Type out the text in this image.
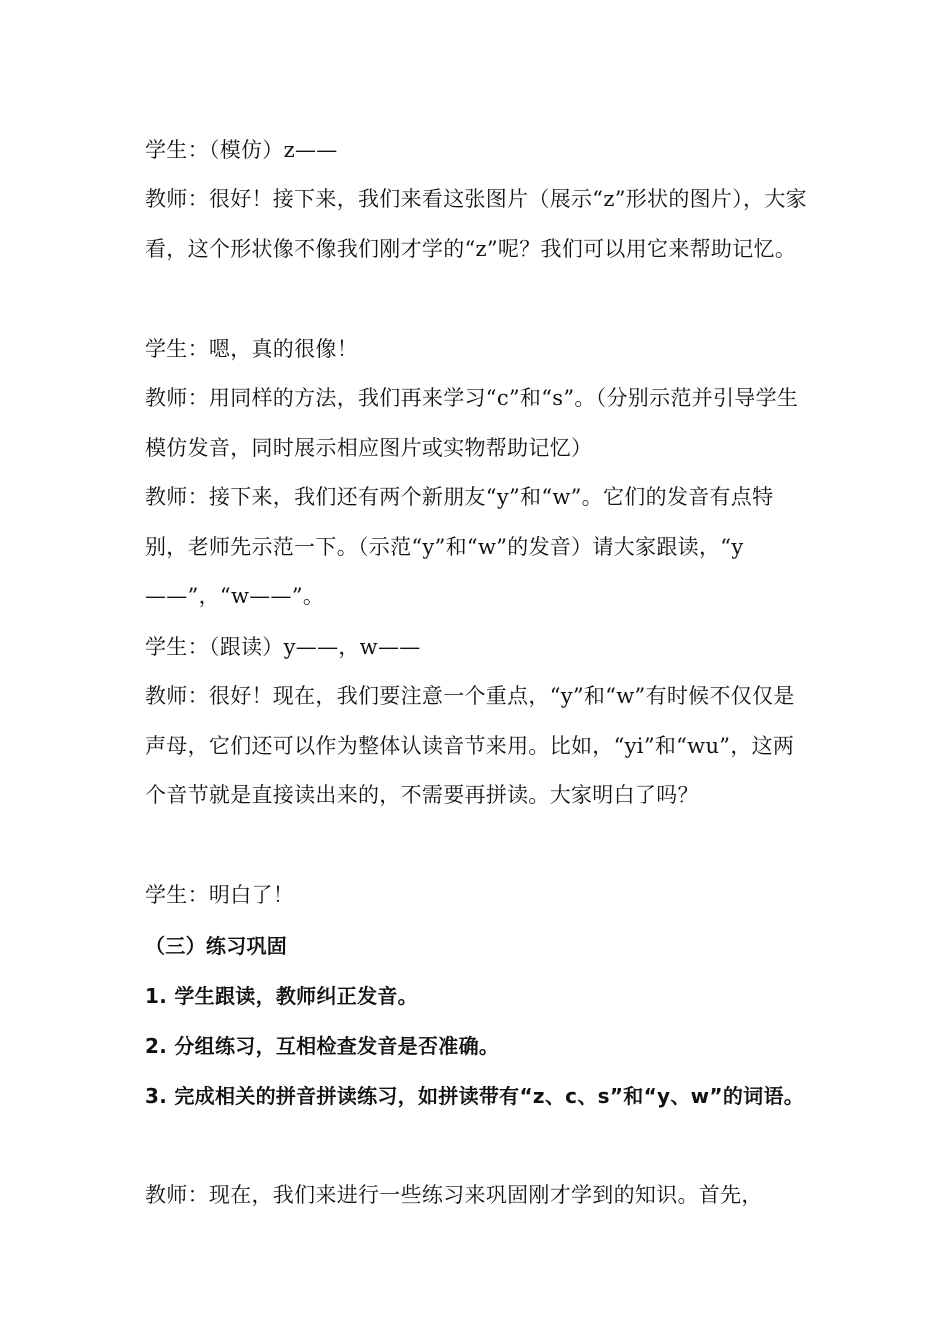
学生：（模仿）z——

教师：很好！接下来，我们来看这张图片（展示“z”形状的图片），大家看，这个形状像不像我们刚才学的“z”呢？我们可以用它来帮助记忆。

学生：嗯，真的很像！

教师：用同样的方法，我们再来学习“c”和“s”。（分别示范并引导学生模仿发音，同时展示相应图片或实物帮助记忆）

教师：接下来，我们还有两个新朋友“y”和“w”。它们的发音有点特别，老师先示范一下。（示范“y”和“w”的发音）请大家跟读，“y——”，“w——”。

学生：（跟读）y——，w——

教师：很好！现在，我们要注意一个重点，“y”和“w”有时候不仅仅是声母，它们还可以作为整体认读音节来用。比如，“yi”和“wu”，这两个音节就是直接读出来的，不需要再拼读。大家明白了吗？

学生：明白了！

（三）练习巩固

1. 学生跟读，教师纠正发音。

2. 分组练习，互相检查发音是否准确。

3. 完成相关的拼音拼读练习，如拼读带有“z、c、s”和“y、w”的词语。

教师：现在，我们来进行一些练习来巩固刚才学到的知识。首先，
